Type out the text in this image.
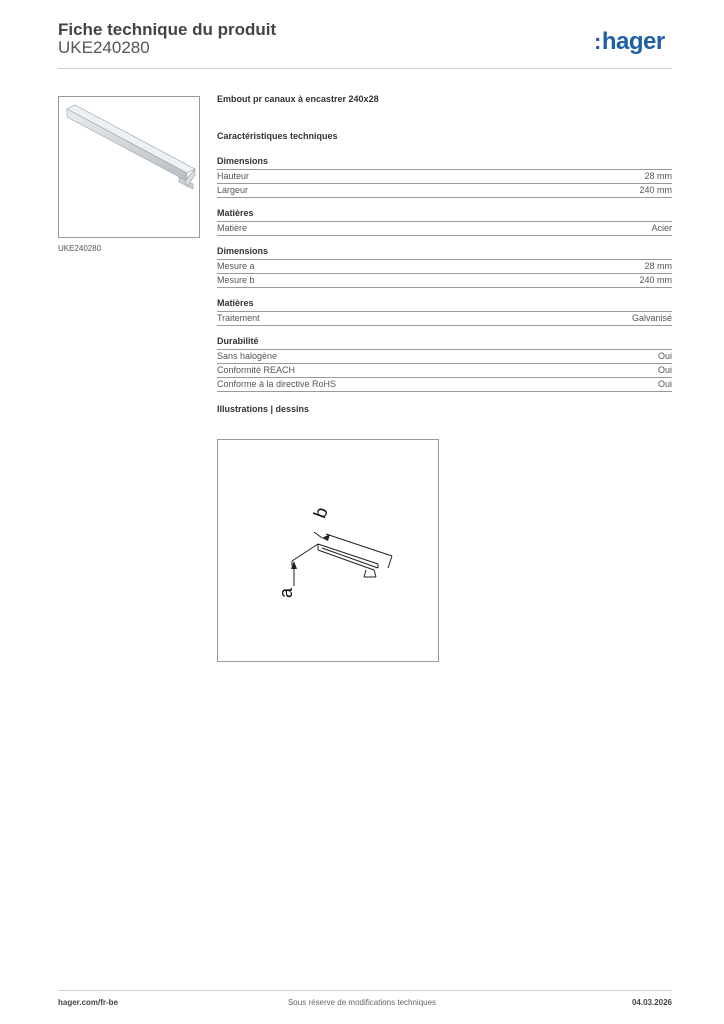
Fiche technique du produit
UKE240280	:hager
UKE240280
Embout pr canaux à encastrer 240x28
Caractéristiques techniques
Dimensions
Hauteur	28 mm
Largeur	240 mm
Matières
Matière	Acier
Dimensions
Mesure a	28 mm
Mesure b	240 mm
Matières
Traitement	Galvanisé
Durabilité
Sans halogène	Oui
Conformité REACH	Oui
Conforme à la directive RoHS	Oui
Illustrations | dessins
b
a
hager.com/fr-be	Sous réserve de modifications techniques	04.03.2026
